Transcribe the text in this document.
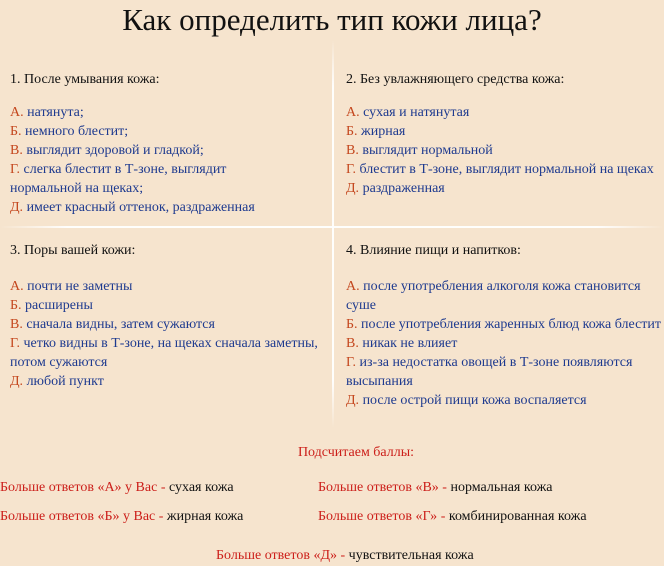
Как определить тип кожи лица?
1. После умывания кожа:
А. натянута;
Б. немного блестит;
В. выглядит здоровой и гладкой;
Г. слегка блестит в Т-зоне, выглядит нормальной на щеках;
Д. имеет красный оттенок, раздраженная
2. Без увлажняющего средства кожа:
А. сухая и натянутая
Б. жирная
В. выглядит нормальной
Г. блестит в Т-зоне, выглядит нормальной на щеках
Д. раздраженная
3. Поры вашей кожи:
А. почти не заметны
Б. расширены
В. сначала видны, затем сужаются
Г. четко видны в Т-зоне, на щеках сначала заметны, потом сужаются
Д. любой пункт
4. Влияние пищи и напитков:
А. после употребления алкоголя кожа становится суше
Б. после употребления жаренных блюд кожа блестит
В. никак не влияет
Г. из-за недостатка овощей в Т-зоне появляются высыпания
Д. после острой пищи кожа воспаляется
Подсчитаем баллы:
Больше ответов «А» у Вас - сухая кожа	Больше ответов «В» - нормальная кожа
Больше ответов «Б» у Вас - жирная кожа	Больше ответов «Г» - комбинированная кожа
Больше ответов «Д» - чувствительная кожа
